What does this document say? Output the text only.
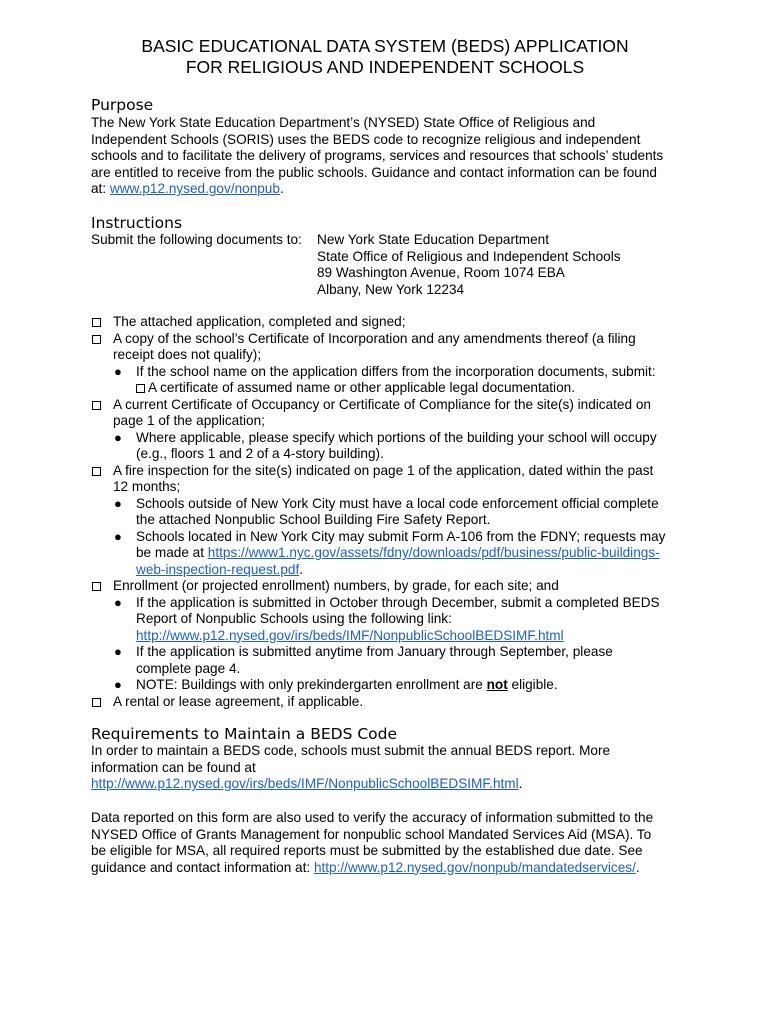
BASIC EDUCATIONAL DATA SYSTEM (BEDS) APPLICATION
FOR RELIGIOUS AND INDEPENDENT SCHOOLS
Purpose
The New York State Education Department’s (NYSED) State Office of Religious and
Independent Schools (SORIS) uses the BEDS code to recognize religious and independent
schools and to facilitate the delivery of programs, services and resources that schools’ students
are entitled to receive from the public schools. Guidance and contact information can be found
at: www.p12.nysed.gov/nonpub.
Instructions
Submit the following documents to: New York State Education Department
State Office of Religious and Independent Schools
89 Washington Avenue, Room 1074 EBA
Albany, New York 12234
The attached application, completed and signed;
A copy of the school’s Certificate of Incorporation and any amendments thereof (a filing
receipt does not qualify);
● If the school name on the application differs from the incorporation documents, submit:
A certificate of assumed name or other applicable legal documentation.
A current Certificate of Occupancy or Certificate of Compliance for the site(s) indicated on
page 1 of the application;
● Where applicable, please specify which portions of the building your school will occupy
(e.g., floors 1 and 2 of a 4-story building).
A fire inspection for the site(s) indicated on page 1 of the application, dated within the past
12 months;
● Schools outside of New York City must have a local code enforcement official complete
the attached Nonpublic School Building Fire Safety Report.
● Schools located in New York City may submit Form A-106 from the FDNY; requests may
be made at https://www1.nyc.gov/assets/fdny/downloads/pdf/business/public-buildings-
web-inspection-request.pdf.
Enrollment (or projected enrollment) numbers, by grade, for each site; and
● If the application is submitted in October through December, submit a completed BEDS
Report of Nonpublic Schools using the following link:
http://www.p12.nysed.gov/irs/beds/IMF/NonpublicSchoolBEDSIMF.html
● If the application is submitted anytime from January through September, please
complete page 4.
● NOTE: Buildings with only prekindergarten enrollment are not eligible.
A rental or lease agreement, if applicable.
Requirements to Maintain a BEDS Code
In order to maintain a BEDS code, schools must submit the annual BEDS report. More
information can be found at
http://www.p12.nysed.gov/irs/beds/IMF/NonpublicSchoolBEDSIMF.html.
Data reported on this form are also used to verify the accuracy of information submitted to the
NYSED Office of Grants Management for nonpublic school Mandated Services Aid (MSA). To
be eligible for MSA, all required reports must be submitted by the established due date. See
guidance and contact information at: http://www.p12.nysed.gov/nonpub/mandatedservices/.
